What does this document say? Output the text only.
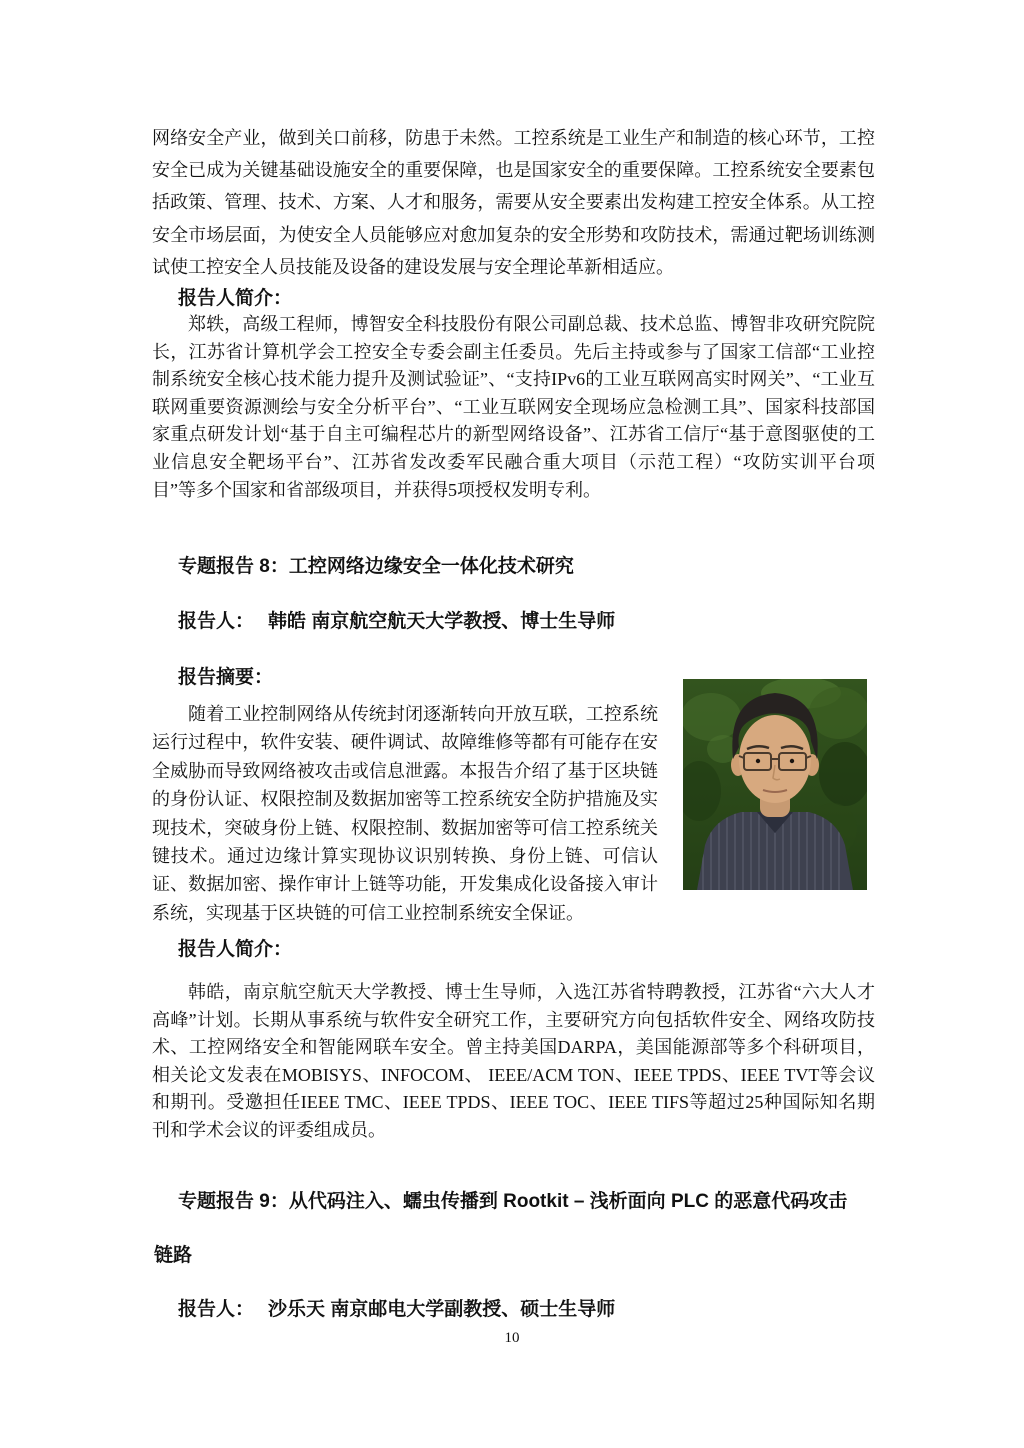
网络安全产业，做到关口前移，防患于未然。工控系统是工业生产和制造的核心环节，工控安全已成为关键基础设施安全的重要保障，也是国家安全的重要保障。工控系统安全要素包括政策、管理、技术、方案、人才和服务，需要从安全要素出发构建工控安全体系。从工控安全市场层面，为使安全人员能够应对愈加复杂的安全形势和攻防技术，需通过靶场训练测试使工控安全人员技能及设备的建设发展与安全理论革新相适应。

报告人简介：

郑轶，高级工程师，博智安全科技股份有限公司副总裁、技术总监、博智非攻研究院院长，江苏省计算机学会工控安全专委会副主任委员。先后主持或参与了国家工信部“工业控制系统安全核心技术能力提升及测试验证”、“支持IPv6的工业互联网高实时网关”、“工业互联网重要资源测绘与安全分析平台”、“工业互联网安全现场应急检测工具”、国家科技部国家重点研发计划“基于自主可编程芯片的新型网络设备”、江苏省工信厅“基于意图驱使的工业信息安全靶场平台”、江苏省发改委军民融合重大项目（示范工程）“攻防实训平台项目”等多个国家和省部级项目，并获得5项授权发明专利。

专题报告 8：工控网络边缘安全一体化技术研究
报告人： 韩皓 南京航空航天大学教授、博士生导师
报告摘要：

随着工业控制网络从传统封闭逐渐转向开放互联，工控系统运行过程中，软件安装、硬件调试、故障维修等都有可能存在安全威胁而导致网络被攻击或信息泄露。本报告介绍了基于区块链的身份认证、权限控制及数据加密等工控系统安全防护措施及实现技术，突破身份上链、权限控制、数据加密等可信工控系统关键技术。通过边缘计算实现协议识别转换、身份上链、可信认证、数据加密、操作审计上链等功能，开发集成化设备接入审计系统，实现基于区块链的可信工业控制系统安全保证。

报告人简介：

韩皓，南京航空航天大学教授、博士生导师，入选江苏省特聘教授，江苏省“六大人才高峰”计划。长期从事系统与软件安全研究工作，主要研究方向包括软件安全、网络攻防技术、工控网络安全和智能网联车安全。曾主持美国DARPA，美国能源部等多个科研项目，相关论文发表在MOBISYS、INFOCOM、 IEEE/ACM TON、IEEE TPDS、IEEE TVT等会议和期刊。受邀担任IEEE TMC、IEEE TPDS、IEEE TOC、IEEE TIFS等超过25种国际知名期刊和学术会议的评委组成员。

专题报告 9：从代码注入、蠕虫传播到 Rootkit – 浅析面向 PLC 的恶意代码攻击
链路
报告人： 沙乐天 南京邮电大学副教授、硕士生导师
10
